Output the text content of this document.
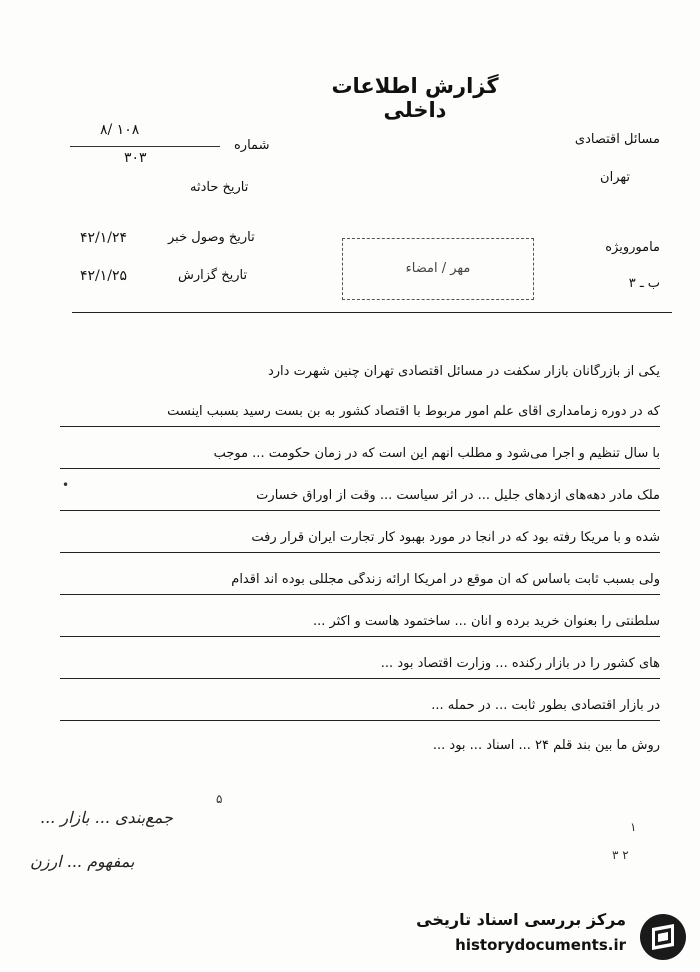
گزارش اطلاعات داخلی
مسائل اقتصادی
تهران
مامورویژه
ب ـ ۳
شماره
۸/ ۱۰۸
۳۰۳
تاریخ حادثه
تاریخ وصول خبر
۴۲/۱/۲۴
تاریخ گزارش
۴۲/۱/۲۵	مهر / امضاء
یکی از بازرگانان بازار سکفت در مسائل اقتصادی تهران چنین شهرت دارد
که در دوره زمامداری آقای علم امور مربوط با اقتصاد کشور به بن بست رسید بسبب اینست
با سال تنظیم و اجرا می‌شود و مطلب آنهم این است که در زمان حکومت ... موجب
ملک مادر دهه‌های ازدهای جلیل ... در اثر سیاست ... وقت از اوراق خسارت
شده و با مریکا رفته بود که در آنجا در مورد بهبود کار تجارت ایران قرار رفت
ولی بسبب ثابت باساس که آن موقع در آمریکا ارائه زندگی مجللی بوده اند اقدام
سلطنتی را بعنوان خرید برده و آنان ... ساختمود هاست و اکثر ...
های کشور را در بازار رکنده ... وزارت اقتصاد بود ...
در بازار اقتصادی بطور ثابت ... در حمله ...
روش ما بین بند قلم ۲۴ ... اسناد ... بود ...
•
جمع‌بندی ... بازار ...
بمفهوم ... ارزن
۵
۱
۳ ۲
مرکز بررسی اسناد تاریخی
historydocuments.ir
